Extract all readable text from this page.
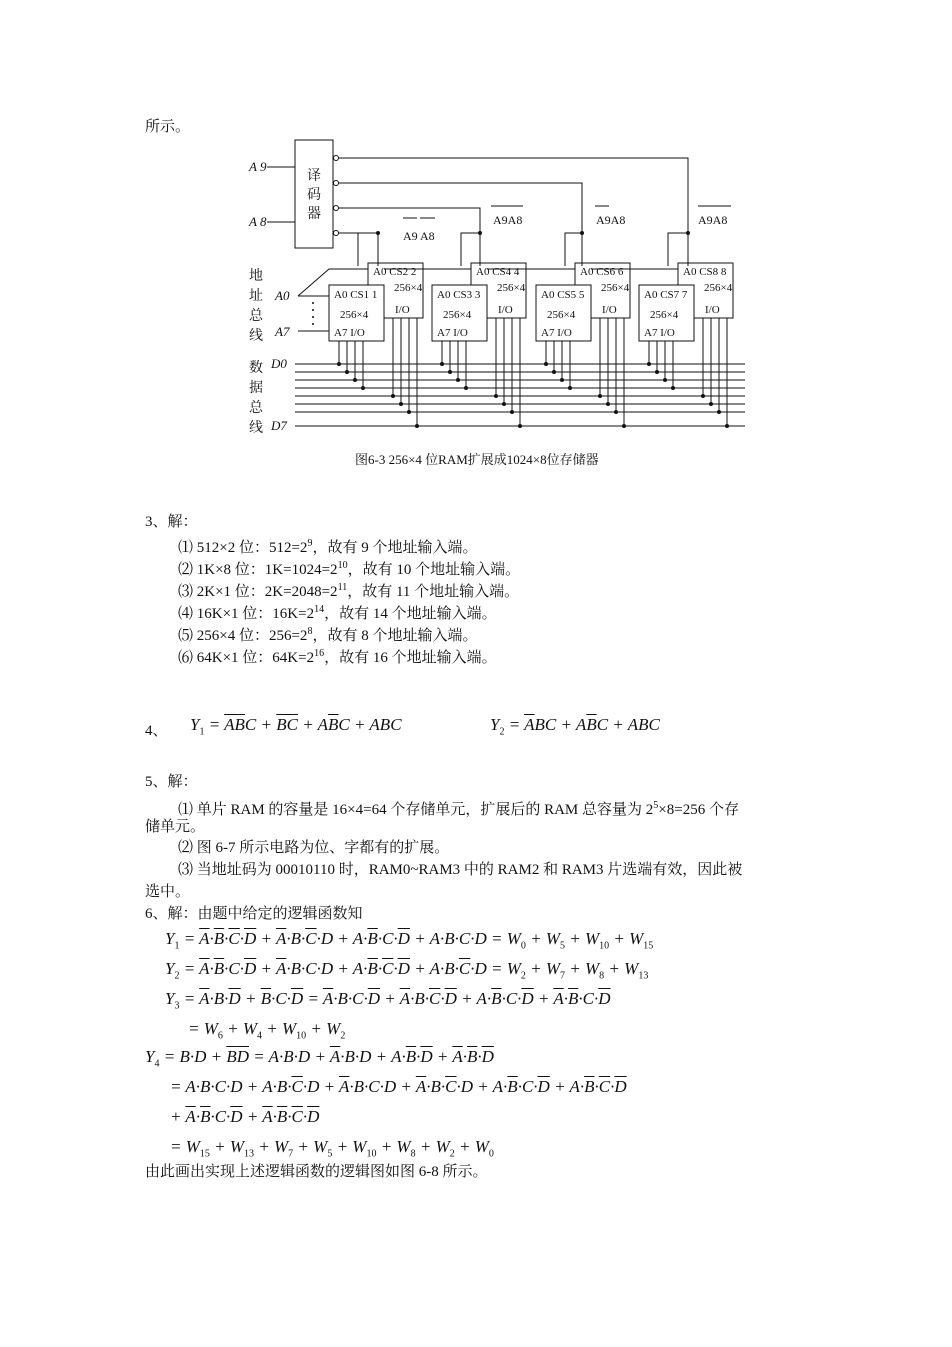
所示。
A 9
A 8
译
码
器	A9A8	A9A8	A9A8
A9 A8
地
址
总
线
A0
A7
数
据
总
线
D0
D7
A0 CS2 2
256×4
A0 CS4 4
256×4
A0 CS6 6
256×4
A0 CS8 8
256×4
I/O	I/O	I/O	I/O
A0 CS1 1
256×4
A7 I/O
A0 CS3 3
256×4
A7 I/O
A0 CS5 5
256×4
A7 I/O
A0 CS7 7
256×4
A7 I/O
图6-3 256×4 位RAM扩展成1024×8位存储器
3、解：
⑴ 512×2 位：$512=2^9$，故有 9 个地址输入端。
⑵ 1K×8 位：$1K=1024=2^{10}$，故有 10 个地址输入端。
⑶ 2K×1 位：$2K=2048=2^{11}$，故有 11 个地址输入端。
⑷ 16K×1 位：$16K=2^{14}$，故有 14 个地址输入端。
⑸ 256×4 位：$256=2^8$，故有 8 个地址输入端。
⑹ 64K×1 位：$64K=2^{16}$，故有 16 个地址输入端。
4、 $Y_1 = \overline{AB}C + \overline{BC} + A\overline{B}C$ + ABC	$Y_2 = \overline{A}BC + A\overline{B}C$ + ABC
5、解：
⑴ 单片 RAM 的容量是 16×4=64 个存储单元，扩展后的 RAM 总容量为 $2^5\times 8=256$ 个存
储单元。
⑵ 图 6-7 所示电路为位、字都有的扩展。
⑶ 当地址码为 00010110 时，RAM0~RAM3 中的 RAM2 和 RAM3 片选端有效，因此被
选中。
6、解：由题中给定的逻辑函数知
$Y_1 = \overline{A}\cdot\overline{B}\cdot\overline{C}\cdot\overline{D} + \overline{A}\cdot B\cdot\overline{C}\cdot D + A\cdot\overline{B}\cdot C\cdot\overline{D} + A\cdot B\cdot C\cdot D = W_0 + W_5 + W_{10} + W_{15}$
$Y_2 = \overline{A}\cdot\overline{B}\cdot C\cdot\overline{D} + \overline{A}\cdot B\cdot C\cdot D + A\cdot\overline{B}\cdot\overline{C}\cdot\overline{D} + A\cdot B\cdot\overline{C}\cdot D = W_2 + W_7 + W_8 + W_{13}$
$Y_3 = \overline{A}\cdot B\cdot\overline{D} + \overline{B}\cdot C\cdot\overline{D} = \overline{A}\cdot B\cdot C\cdot\overline{D} + \overline{A}\cdot B\cdot\overline{C}\cdot\overline{D} + A\cdot\overline{B}\cdot C\cdot\overline{D} + \overline{A}\cdot\overline{B}\cdot C\cdot\overline{D}$
= $W_6 + W_4 + W_{10} + W_2$
$Y_4 = B\cdot D + \overline{B}\overline{D} = A\cdot B\cdot D + \overline{A}\cdot B\cdot D + A\cdot\overline{B}\cdot\overline{D} + \overline{A}\cdot\overline{B}\cdot\overline{D}$
= $A\cdot B\cdot C\cdot D + A\cdot B\cdot\overline{C}\cdot D + \overline{A}\cdot B\cdot C\cdot D + \overline{A}\cdot B\cdot\overline{C}\cdot D + A\cdot\overline{B}\cdot C\cdot\overline{D} + A\cdot\overline{B}\cdot\overline{C}\cdot\overline{D}$
+ $\overline{A}\cdot\overline{B}\cdot C\cdot\overline{D} + \overline{A}\cdot\overline{B}\cdot\overline{C}\cdot\overline{D}$
= $W_{15} + W_{13} + W_7 + W_5 + W_{10} + W_8 + W_2 + W_0$
由此画出实现上述逻辑函数的逻辑图如图 6-8 所示。
